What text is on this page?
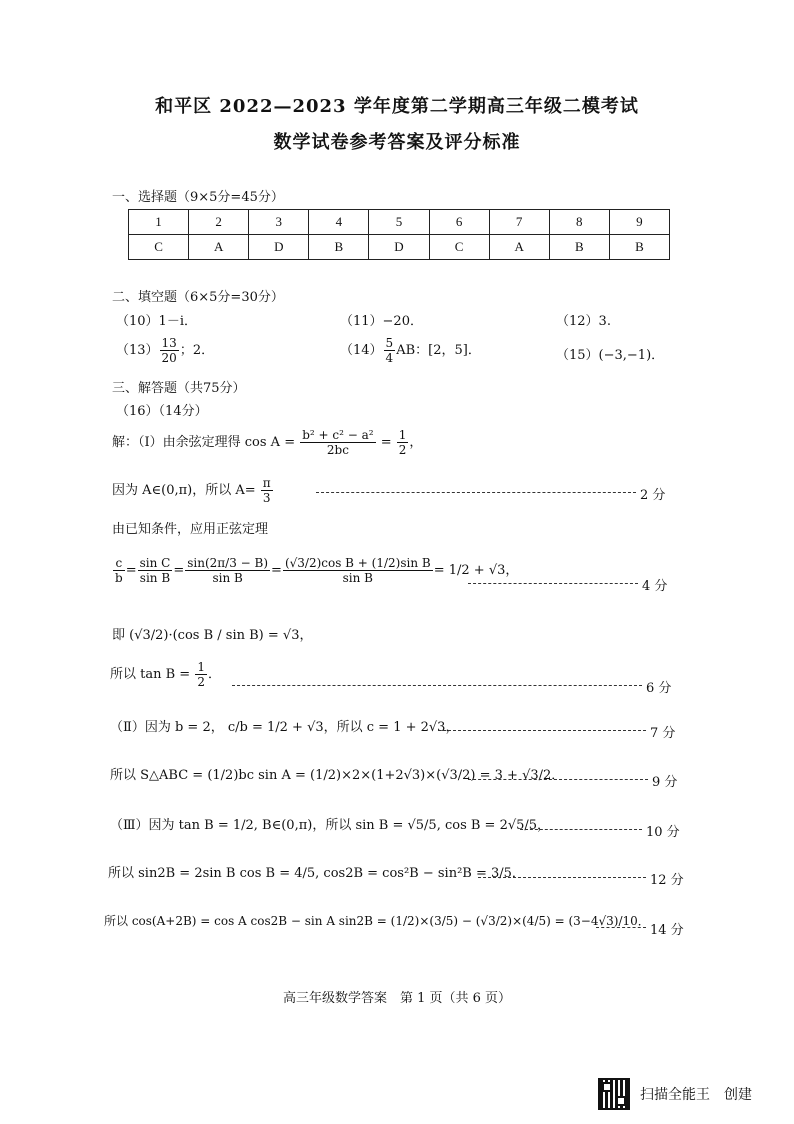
和平区 2022—2023 学年度第二学期高三年级二模考试
数学试卷参考答案及评分标准
一、选择题（9×5分=45分）
1	2	3	4	5	6	7	8	9
C	A	D	B	D	C	A	B	B
二、填空题（6×5分=30分）
（10）1－i．	（11）−20．	（12）3.
$(13) \frac{13}{20}$ ；2．	$(14) \frac{5}{4}$ AB：[2，5]．	（15）(−3,−1)．
三、解答题（共75分）
（16）（14分）
解：（Ⅰ）由余弦定理得 $\cos A = \frac{\text{b² + c² − a²}}{2bc} = \frac{1}{2}$ ，
因为 A∈(0,π)，所以 $A= \frac{\pi}{3}$	2 分
由已知条件，应用正弦定理
$\frac{c}{b} = \frac{\text{sin C}}{\text{sin B}} = \frac{\sin(2\pi/3 - B)}{\text{sin B}} = \frac{\text{(√3/2)cos B + (1/2)sin B}}{\text{sin B}} = 1/2 + √3$，
4 分
即 (√3/2)·(cos B / sin B) = √3，
所以 $\tan B = \frac{1}{2}$ ．
6 分
（Ⅱ）因为 b = 2， c/b = 1/2 + √3，所以 c = 1 + 2√3，	7 分
所以 S△ABC = (1/2)bc sin A = (1/2)×2×(1+2√3)×(√3/2) = 3 + √3/2．	9 分
（Ⅲ）因为 tan B = 1/2, B∈(0,π)，所以 sin B = √5/5, cos B = 2√5/5，	10 分
所以 sin2B = 2sin B cos B = 4/5, cos2B = cos²B − sin²B = 3/5．	12 分
所以 cos(A+2B) = cos A cos2B − sin A sin2B = (1/2)×(3/5) − (√3/2)×(4/5) = (3−4√3)/10．
14 分
高三年级数学答案　第 1 页（共 6 页）
扫描全能王　创建
